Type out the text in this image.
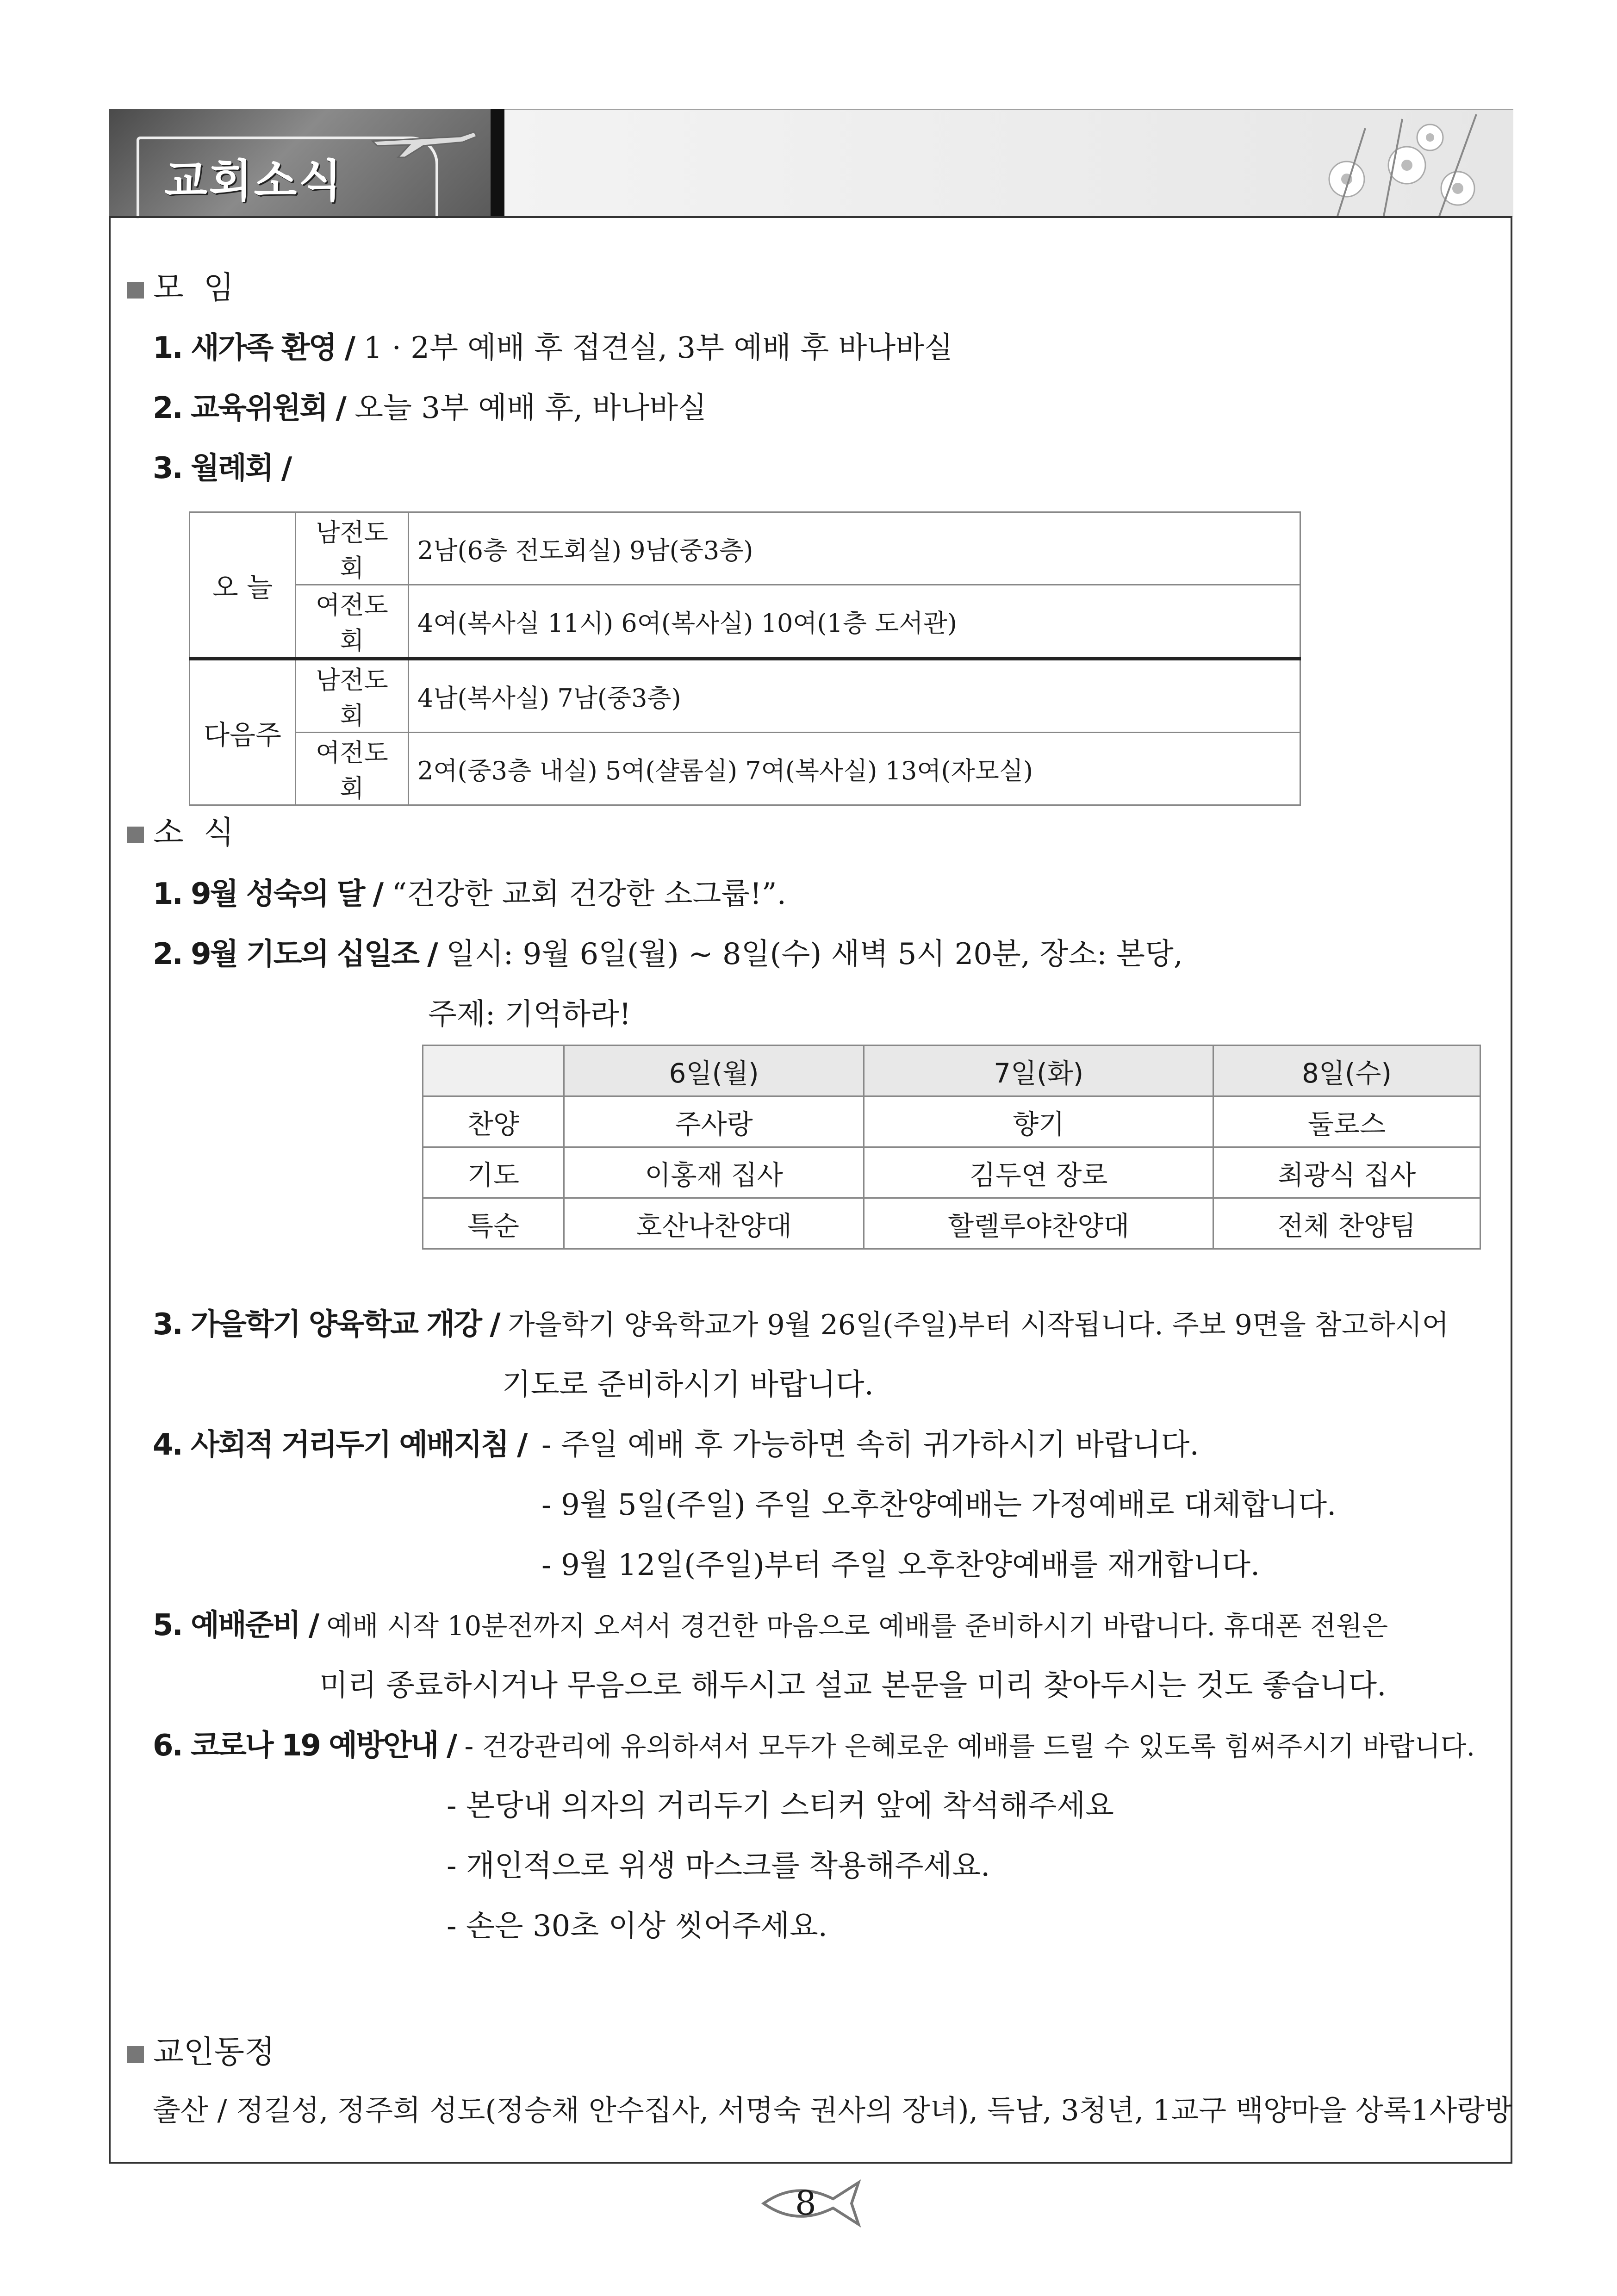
교회소식
모  임
1. 새가족 환영 / 1 · 2부 예배 후 접견실, 3부 예배 후 바나바실
2. 교육위원회 / 오늘 3부 예배 후, 바나바실
3. 월례회 /
오 늘	남전도회	2남(6층 전도회실) 9남(중3층)
	여전도회	4여(복사실 11시) 6여(복사실) 10여(1층 도서관)
다음주	남전도회	4남(복사실) 7남(중3층)
	여전도회	2여(중3층 내실) 5여(샬롬실) 7여(복사실) 13여(자모실)
소  식
1. 9월 성숙의 달 / “건강한 교회 건강한 소그룹!”.
2. 9월 기도의 십일조 / 일시: 9월 6일(월) ~ 8일(수) 새벽 5시 20분, 장소: 본당,
주제: 기억하라!
	6일(월)	7일(화)	8일(수)
찬양	주사랑	향기	둘로스
기도	이홍재 집사	김두연 장로	최광식 집사
특순	호산나찬양대	할렐루야찬양대	전체 찬양팀
3. 가을학기 양육학교 개강 / 가을학기 양육학교가 9월 26일(주일)부터 시작됩니다. 주보 9면을 참고하시어
기도로 준비하시기 바랍니다.
4. 사회적 거리두기 예배지침 / - 주일 예배 후 가능하면 속히 귀가하시기 바랍니다.
- 9월 5일(주일) 주일 오후찬양예배는 가정예배로 대체합니다.
- 9월 12일(주일)부터 주일 오후찬양예배를 재개합니다.
5. 예배준비 / 예배 시작 10분전까지 오셔서 경건한 마음으로 예배를 준비하시기 바랍니다. 휴대폰 전원은
미리 종료하시거나 무음으로 해두시고 설교 본문을 미리 찾아두시는 것도 좋습니다.
6. 코로나 19 예방안내 / - 건강관리에 유의하셔서 모두가 은혜로운 예배를 드릴 수 있도록 힘써주시기 바랍니다.
- 본당내 의자의 거리두기 스티커 앞에 착석해주세요
- 개인적으로 위생 마스크를 착용해주세요.
- 손은 30초 이상 씻어주세요.
교인동정
출산 / 정길성, 정주희 성도(정승채 안수집사, 서명숙 권사의 장녀), 득남, 3청년, 1교구 백양마을 상록1사랑방
8
